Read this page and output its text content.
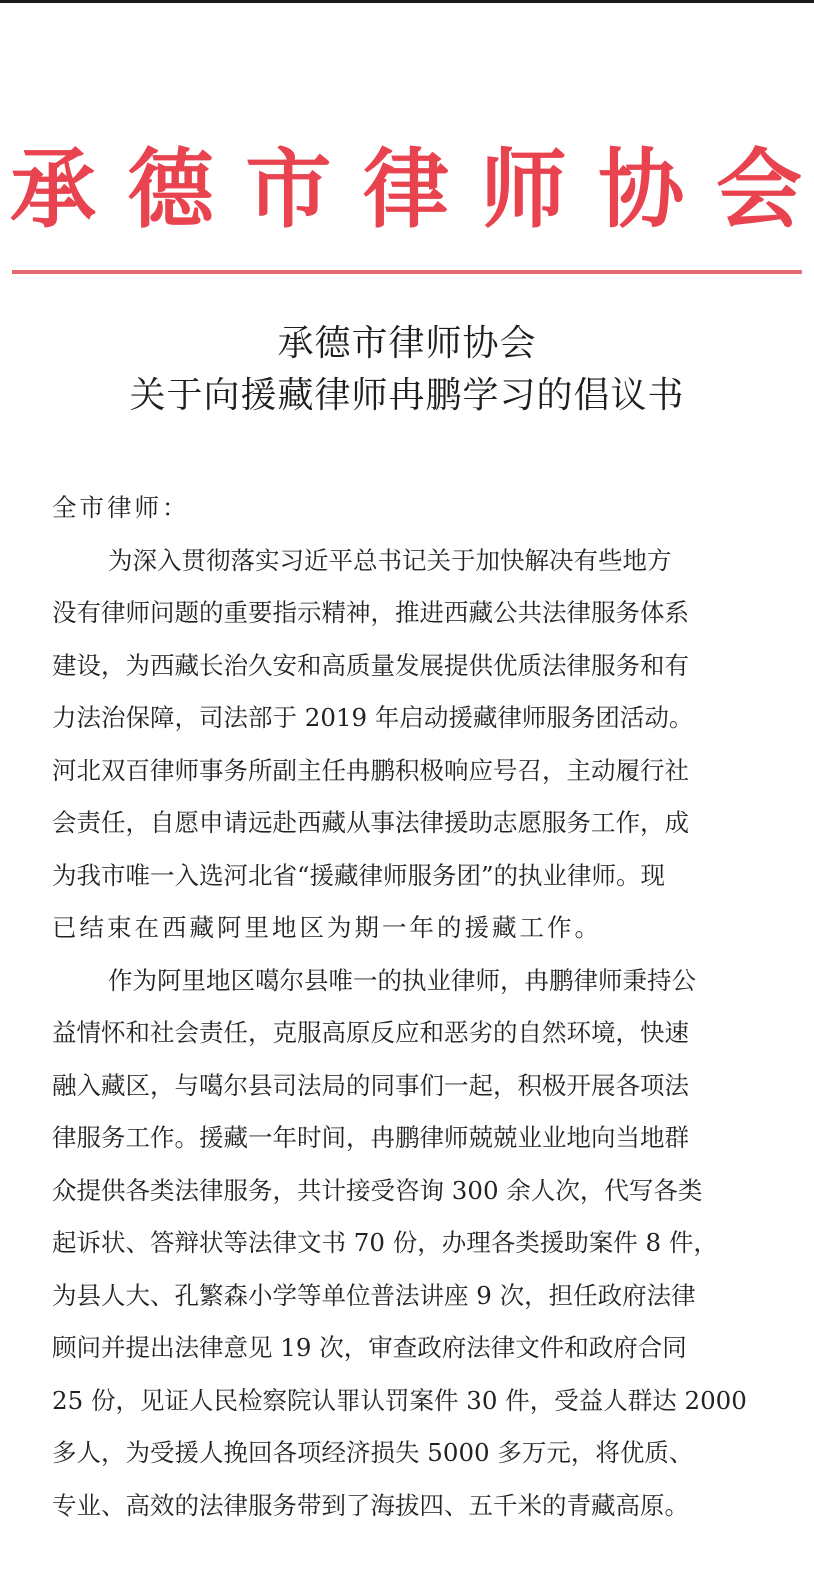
承 德 市 律 师 协 会
承德市律师协会
关于向援藏律师冉鹏学习的倡议书
全市律师：
为深入贯彻落实习近平总书记关于加快解决有些地方
没有律师问题的重要指示精神，推进西藏公共法律服务体系
建设，为西藏长治久安和高质量发展提供优质法律服务和有
力法治保障，司法部于 2019 年启动援藏律师服务团活动。
河北双百律师事务所副主任冉鹏积极响应号召，主动履行社
会责任，自愿申请远赴西藏从事法律援助志愿服务工作，成
为我市唯一入选河北省“援藏律师服务团”的执业律师。现
已结束在西藏阿里地区为期一年的援藏工作。
作为阿里地区噶尔县唯一的执业律师，冉鹏律师秉持公
益情怀和社会责任，克服高原反应和恶劣的自然环境，快速
融入藏区，与噶尔县司法局的同事们一起，积极开展各项法
律服务工作。援藏一年时间，冉鹏律师兢兢业业地向当地群
众提供各类法律服务，共计接受咨询 300 余人次，代写各类
起诉状、答辩状等法律文书 70 份，办理各类援助案件 8 件，
为县人大、孔繁森小学等单位普法讲座 9 次，担任政府法律
顾问并提出法律意见 19 次，审查政府法律文件和政府合同
25 份，见证人民检察院认罪认罚案件 30 件，受益人群达 2000
多人，为受援人挽回各项经济损失 5000 多万元，将优质、
专业、高效的法律服务带到了海拔四、五千米的青藏高原。
